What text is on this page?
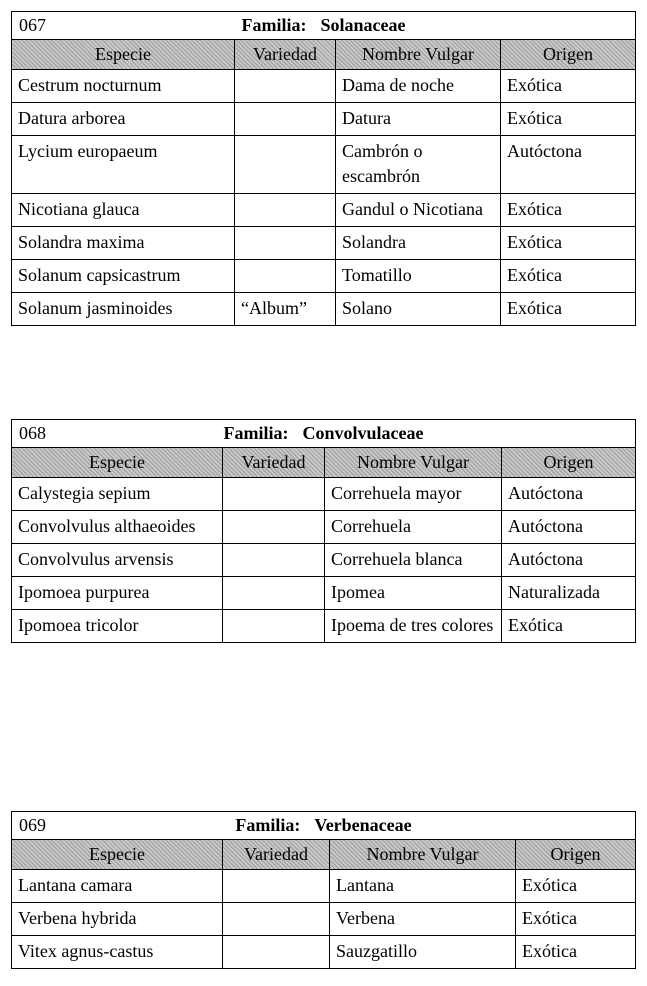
067 Familia: Solanaceae			

Especie	Variedad	Nombre Vulgar	Origen
Cestrum nocturnum		Dama de noche	Exótica
Datura arborea		Datura	Exótica
Lycium europaeum		Cambrón o escambrón	Autóctona
Nicotiana glauca		Gandul o Nicotiana	Exótica
Solandra maxima		Solandra	Exótica
Solanum capsicastrum		Tomatillo	Exótica
Solanum jasminoides	“Album”	Solano	Exótica
068 Familia: Convolvulaceae			

Especie	Variedad	Nombre Vulgar	Origen
Calystegia sepium		Correhuela mayor	Autóctona
Convolvulus althaeoides		Correhuela	Autóctona
Convolvulus arvensis		Correhuela blanca	Autóctona
Ipomoea purpurea		Ipomea	Naturalizada
Ipomoea tricolor		Ipoema de tres colores	Exótica
069 Familia: Verbenaceae			

Especie	Variedad	Nombre Vulgar	Origen
Lantana camara		Lantana	Exótica
Verbena hybrida		Verbena	Exótica
Vitex agnus-castus		Sauzgatillo	Exótica
